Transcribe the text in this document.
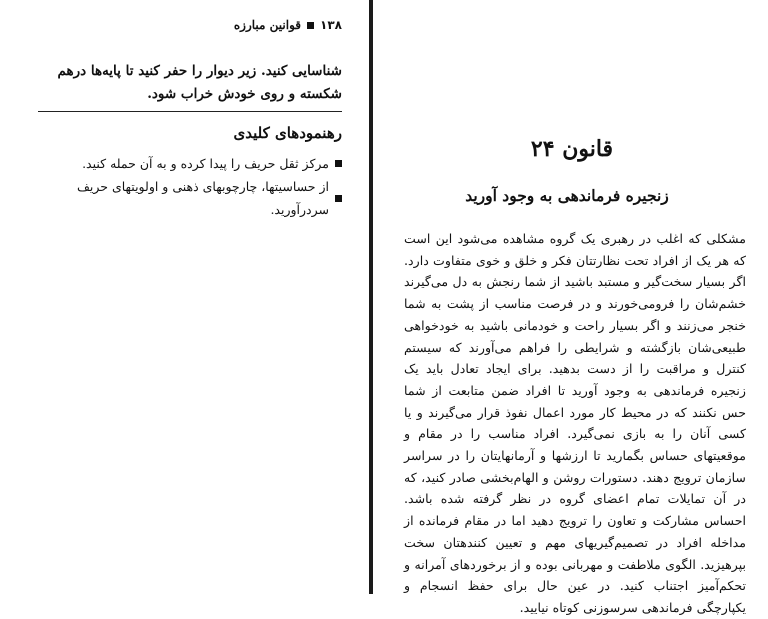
۱۳۸
قوانین مبارزه
شناسایی کنید. زیر دیوار را حفر کنید تا پایه‌ها درهم شکسته و روی خودش خراب شود.
رهنمودهای کلیدی
مرکز ثقل حریف را پیدا کرده و به آن حمله کنید.
از حساسیتها، چارچوبهای ذهنی و اولویتهای حریف سردرآورید.
قانون ۲۴
زنجیره فرماندهی به وجود آورید
مشکلی که اغلب در رهبری یک گروه مشاهده می‌شود این است که هر یک از افراد تحت نظارتتان فکر و خلق و خوی متفاوت دارد. اگر بسیار سخت‌گیر و مستبد باشید از شما رنجش به دل می‌گیرند خشم‌شان را فرومی‌خورند و در فرصت مناسب از پشت به شما خنجر می‌زنند و اگر بسیار راحت و خودمانی باشید به خودخواهی طبیعی‌شان بازگشته و شرایطی را فراهم می‌آورند که سیستم کنترل و مراقبت را از دست بدهید. برای ایجاد تعادل باید یک زنجیره فرماندهی به وجود آورید تا افراد ضمن متابعت از شما حس نکنند که در محیط کار مورد اعمال نفوذ قرار می‌گیرند و یا کسی آنان را به بازی نمی‌گیرد. افراد مناسب را در مقام و موقعیتهای حساس بگمارید تا ارزشها و آرمانهایتان را در سراسر سازمان ترویج دهند. دستورات روشن و الهام‌بخشی صادر کنید، که در آن تمایلات تمام اعضای گروه در نظر گرفته شده باشد. احساس مشارکت و تعاون را ترویج دهید اما در مقام فرمانده از مداخله افراد در تصمیم‌گیریهای مهم و تعیین کنندهتان سخت بپرهیزید. الگوی ملاطفت و مهربانی بوده و از برخوردهای آمرانه و تحکم‌آمیز اجتناب کنید. در عین حال برای حفظ انسجام و یکپارچگی فرماندهی سرسوزنی کوتاه نیایید.
